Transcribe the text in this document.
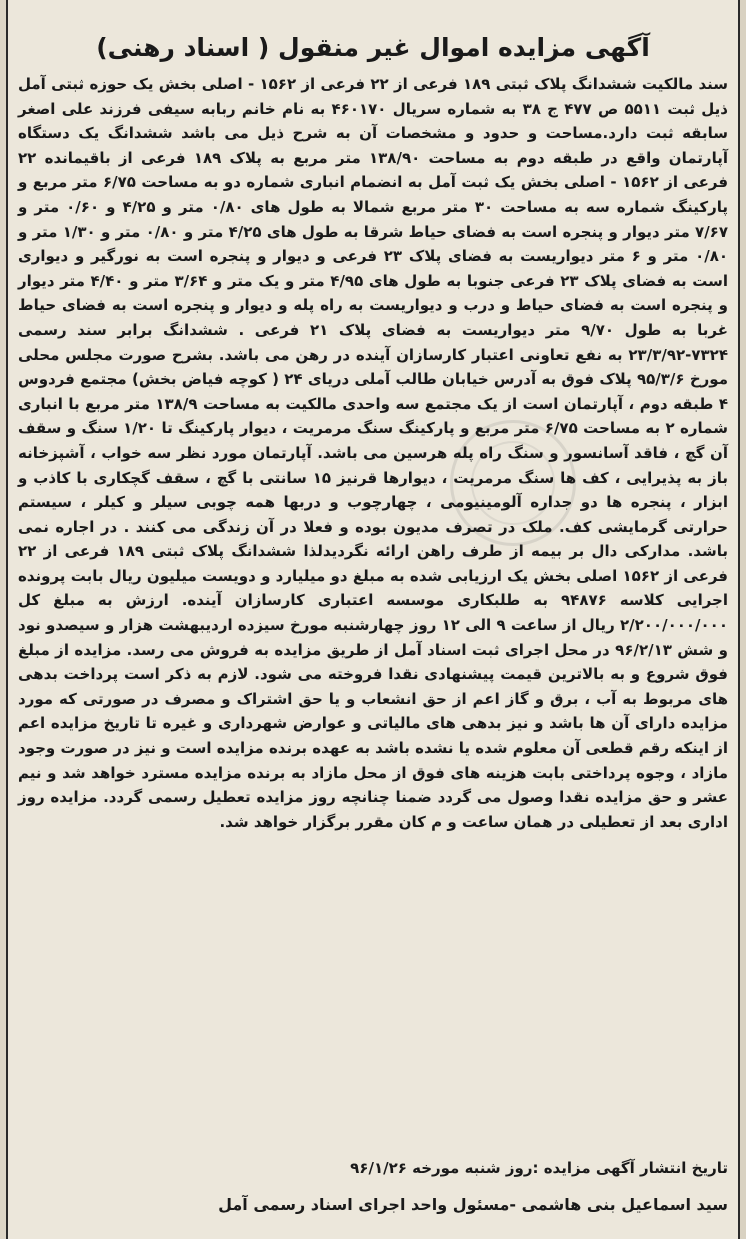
آگهی مزایده اموال غیر منقول ( اسناد رهنی)
سند مالکیت ششدانگ پلاک ثبتی ۱۸۹ فرعی از ۲۲ فرعی از ۱۵۶۲ - اصلی بخش یک حوزه ثبتی آمل ذیل ثبت ۵۵۱۱ ص ۴۷۷ ج ۳۸ به شماره سریال ۴۶۰۱۷۰ به نام خانم ربابه سیفی فرزند علی اصغر سابقه ثبت دارد.مساحت و حدود و مشخصات آن به شرح ذیل می باشد ششدانگ یک دستگاه آپارتمان واقع در طبقه دوم به مساحت ۱۳۸/۹۰ متر مربع به پلاک ۱۸۹ فرعی از باقیمانده ۲۲ فرعی از ۱۵۶۲ - اصلی بخش یک ثبت آمل به انضمام انباری شماره دو به مساحت ۶/۷۵ متر مربع و پارکینگ شماره سه به مساحت ۳۰ متر مربع شمالا به طول های ۰/۸۰ متر و ۴/۲۵ و ۰/۶۰ متر و ۷/۶۷ متر دیوار و پنجره است به فضای حیاط شرقا به طول های ۴/۲۵ متر و ۰/۸۰ متر و ۱/۳۰ متر و ۰/۸۰ متر و ۶ متر دیواریست به فضای پلاک ۲۳ فرعی و دیوار و پنجره است به نورگیر و دیواری است به فضای پلاک ۲۳ فرعی جنوبا به طول های ۴/۹۵ متر و یک متر و ۳/۶۴ متر و ۴/۴۰ متر دیوار و پنجره است به فضای حیاط و درب و دیواریست به راه پله و دیوار و پنجره است به فضای حیاط غربا به طول ۹/۷۰ متر دیواریست به فضای پلاک ۲۱ فرعی . ششدانگ برابر سند رسمی ۷۳۲۴-۲۳/۳/۹۲ به نفع تعاونی اعتبار کارسازان آینده در رهن می باشد. بشرح صورت مجلس محلی مورخ ۹۵/۳/۶ پلاک فوق به آدرس خیابان طالب آملی دریای ۲۴ ( کوچه فیاض بخش) مجتمع فردوس ۴ طبقه دوم ، آپارتمان است از یک مجتمع سه واحدی مالکیت به مساحت ۱۳۸/۹ متر مربع با انباری شماره ۲ به مساحت ۶/۷۵ متر مربع و پارکینگ سنگ مرمریت ، دیوار پارکینگ تا ۱/۲۰ سنگ و سقف آن گچ ، فاقد آسانسور و سنگ راه پله هرسین می باشد. آپارتمان مورد نظر سه خواب ، آشپزخانه باز به پذیرایی ، کف ها سنگ مرمریت ، دیوارها قرنیز ۱۵ سانتی با گچ ، سقف گچکاری با کاذب و ابزار ، پنجره ها دو جداره آلومینیومی ، چهارچوب و دربها همه چوبی سیلر و کیلر ، سیستم حرارتی گرمایشی کف. ملک در تصرف مدیون بوده و فعلا در آن زندگی می کنند . در اجاره نمی باشد. مدارکی دال بر بیمه از طرف راهن ارائه نگردیدلذا ششدانگ پلاک ثبتی ۱۸۹ فرعی از ۲۲ فرعی از ۱۵۶۲ اصلی بخش یک ارزیابی شده به مبلغ دو میلیارد و دویست میلیون ریال بابت پرونده اجرایی کلاسه ۹۴۸۷۶ به طلبکاری موسسه اعتباری کارسازان آینده. ارزش به مبلغ کل ۲/۲۰۰/۰۰۰/۰۰۰ ریال از ساعت ۹ الی ۱۲ روز چهارشنبه مورخ سیزده اردیبهشت هزار و سیصدو نود و شش ۹۶/۲/۱۳ در محل اجرای ثبت اسناد آمل از طریق مزایده به فروش می رسد. مزایده از مبلغ فوق شروع و به بالاترین قیمت پیشنهادی نقدا فروخته می شود. لازم به ذکر است پرداخت بدهی های مربوط به آب ، برق و گاز اعم از حق انشعاب و یا حق اشتراک و مصرف در صورتی که مورد مزایده دارای آن ها باشد و نیز بدهی های مالیاتی و عوارض شهرداری و غیره تا تاریخ مزایده اعم از اینکه رقم قطعی آن معلوم شده یا نشده باشد به عهده برنده مزایده است و نیز در صورت وجود مازاد ، وجوه پرداختی بابت هزینه های فوق از محل مازاد به برنده مزایده مسترد خواهد شد و نیم عشر و حق مزایده نقدا وصول می گردد ضمنا چنانچه روز مزایده تعطیل رسمی گردد. مزایده روز اداری بعد از تعطیلی در همان ساعت و م کان مقرر برگزار خواهد شد.
تاریخ انتشار آگهی مزایده :روز شنبه مورخه ۹۶/۱/۲۶
سید اسماعیل بنی هاشمی -مسئول واحد اجرای اسناد رسمی آمل
